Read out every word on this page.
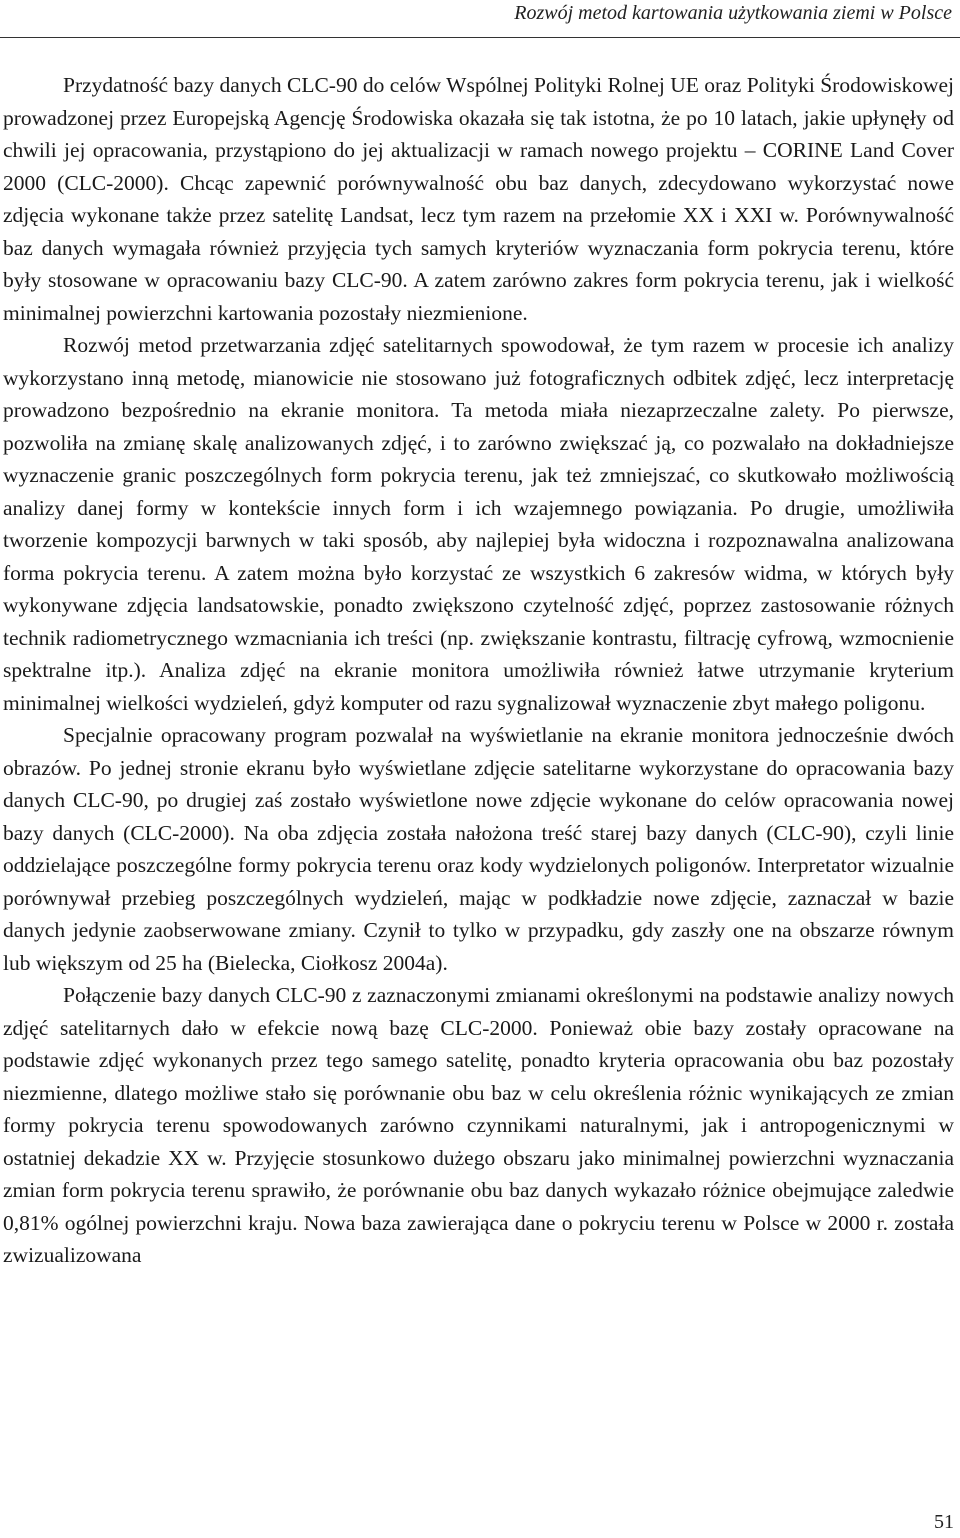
Rozwój metod kartowania użytkowania ziemi w Polsce

Przydatność bazy danych CLC-90 do celów Wspólnej Polityki Rolnej UE oraz Polityki Środowiskowej prowadzonej przez Europejską Agencję Środowiska okazała się tak istotna, że po 10 latach, jakie upłynęły od chwili jej opracowania, przystąpiono do jej aktualizacji w ramach nowego projektu – CORINE Land Cover 2000 (CLC-2000). Chcąc zapewnić porównywalność obu baz danych, zdecydowano wykorzystać nowe zdjęcia wykonane także przez satelitę Landsat, lecz tym razem na przełomie XX i XXI w. Porównywalność baz danych wymagała również przyjęcia tych samych kryteriów wyznaczania form pokrycia terenu, które były stosowane w opracowaniu bazy CLC-90. A zatem zarówno zakres form pokrycia terenu, jak i wielkość minimalnej powierzchni kartowania pozostały niezmienione.

Rozwój metod przetwarzania zdjęć satelitarnych spowodował, że tym razem w procesie ich analizy wykorzystano inną metodę, mianowicie nie stosowano już fotograficznych odbitek zdjęć, lecz interpretację prowadzono bezpośrednio na ekranie monitora. Ta metoda miała niezaprzeczalne zalety. Po pierwsze, pozwoliła na zmianę skalę analizowanych zdjęć, i to zarówno zwiększać ją, co pozwalało na dokładniejsze wyznaczenie granic poszczególnych form pokrycia terenu, jak też zmniejszać, co skutkowało możliwością analizy danej formy w kontekście innych form i ich wzajemnego powiązania. Po drugie, umożliwiła tworzenie kompozycji barwnych w taki sposób, aby najlepiej była widoczna i rozpoznawalna analizowana forma pokrycia terenu. A zatem można było korzystać ze wszystkich 6 zakresów widma, w których były wykonywane zdjęcia landsatowskie, ponadto zwiększono czytelność zdjęć, poprzez zastosowanie różnych technik radiometrycznego wzmacniania ich treści (np. zwiększanie kontrastu, filtrację cyfrową, wzmocnienie spektralne itp.). Analiza zdjęć na ekranie monitora umożliwiła również łatwe utrzymanie kryterium minimalnej wielkości wydzieleń, gdyż komputer od razu sygnalizował wyznaczenie zbyt małego poligonu.

Specjalnie opracowany program pozwalał na wyświetlanie na ekranie monitora jednocześnie dwóch obrazów. Po jednej stronie ekranu było wyświetlane zdjęcie satelitarne wykorzystane do opracowania bazy danych CLC-90, po drugiej zaś zostało wyświetlone nowe zdjęcie wykonane do celów opracowania nowej bazy danych (CLC-2000). Na oba zdjęcia została nałożona treść starej bazy danych (CLC-90), czyli linie oddzielające poszczególne formy pokrycia terenu oraz kody wydzielonych poligonów. Interpretator wizualnie porównywał przebieg poszczególnych wydzieleń, mając w podkładzie nowe zdjęcie, zaznaczał w bazie danych jedynie zaobserwowane zmiany. Czynił to tylko w przypadku, gdy zaszły one na obszarze równym lub większym od 25 ha (Bielecka, Ciołkosz 2004a).

Połączenie bazy danych CLC-90 z zaznaczonymi zmianami określonymi na podstawie analizy nowych zdjęć satelitarnych dało w efekcie nową bazę CLC-2000. Ponieważ obie bazy zostały opracowane na podstawie zdjęć wykonanych przez tego samego satelitę, ponadto kryteria opracowania obu baz pozostały niezmienne, dlatego możliwe stało się porównanie obu baz w celu określenia różnic wynikających ze zmian formy pokrycia terenu spowodowanych zarówno czynnikami naturalnymi, jak i antropogenicznymi w ostatniej dekadzie XX w. Przyjęcie stosunkowo dużego obszaru jako minimalnej powierzchni wyznaczania zmian form pokrycia terenu sprawiło, że porównanie obu baz danych wykazało różnice obejmujące zaledwie 0,81% ogólnej powierzchni kraju. Nowa baza zawierająca dane o pokryciu terenu w Polsce w 2000 r. została zwizualizowana

51
